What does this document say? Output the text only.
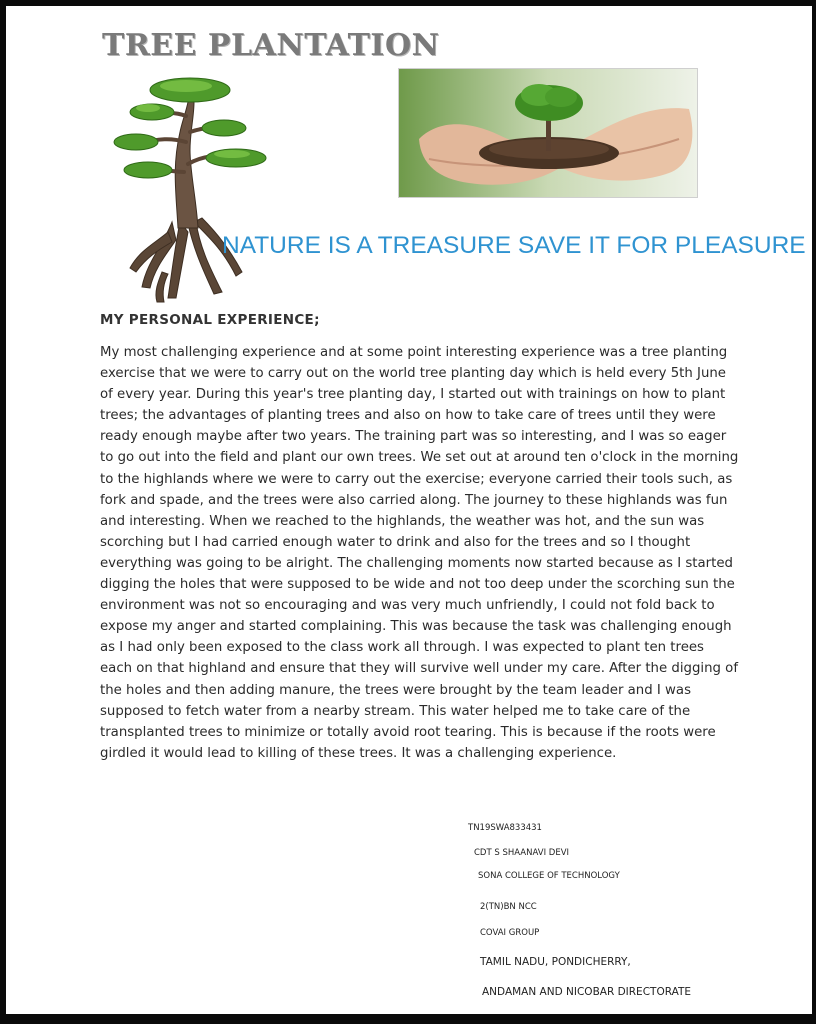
TREE PLANTATION
NATURE IS A TREASURE SAVE IT FOR PLEASURE
MY PERSONAL EXPERIENCE;

My most challenging experience and at some point interesting experience was a tree planting exercise that we were to carry out on the world tree planting day which is held every 5th June of every year. During this year's tree planting day, I started out with trainings on how to plant trees; the advantages of planting trees and also on how to take care of trees until they were ready enough maybe after two years. The training part was so interesting, and I was so eager to go out into the field and plant our own trees. We set out at around ten o'clock in the morning to the highlands where we were to carry out the exercise; everyone carried their tools such, as fork and spade, and the trees were also carried along. The journey to these highlands was fun and interesting. When we reached to the highlands, the weather was hot, and the sun was scorching but I had carried enough water to drink and also for the trees and so I thought everything was going to be alright. The challenging moments now started because as I started digging the holes that were supposed to be wide and not too deep under the scorching sun the environment was not so encouraging and was very much unfriendly, I could not fold back to expose my anger and started complaining. This was because the task was challenging enough as I had only been exposed to the class work all through. I was expected to plant ten trees each on that highland and ensure that they will survive well under my care. After the digging of the holes and then adding manure, the trees were brought by the team leader and I was supposed to fetch water from a nearby stream. This water helped me to take care of the transplanted trees to minimize or totally avoid root tearing. This is because if the roots were girdled it would lead to killing of these trees. It was a challenging experience.

TN19SWA833431
CDT S SHAANAVI DEVI
SONA COLLEGE OF TECHNOLOGY
2(TN)BN NCC
COVAI GROUP
TAMIL NADU, PONDICHERRY,
ANDAMAN AND NICOBAR DIRECTORATE
